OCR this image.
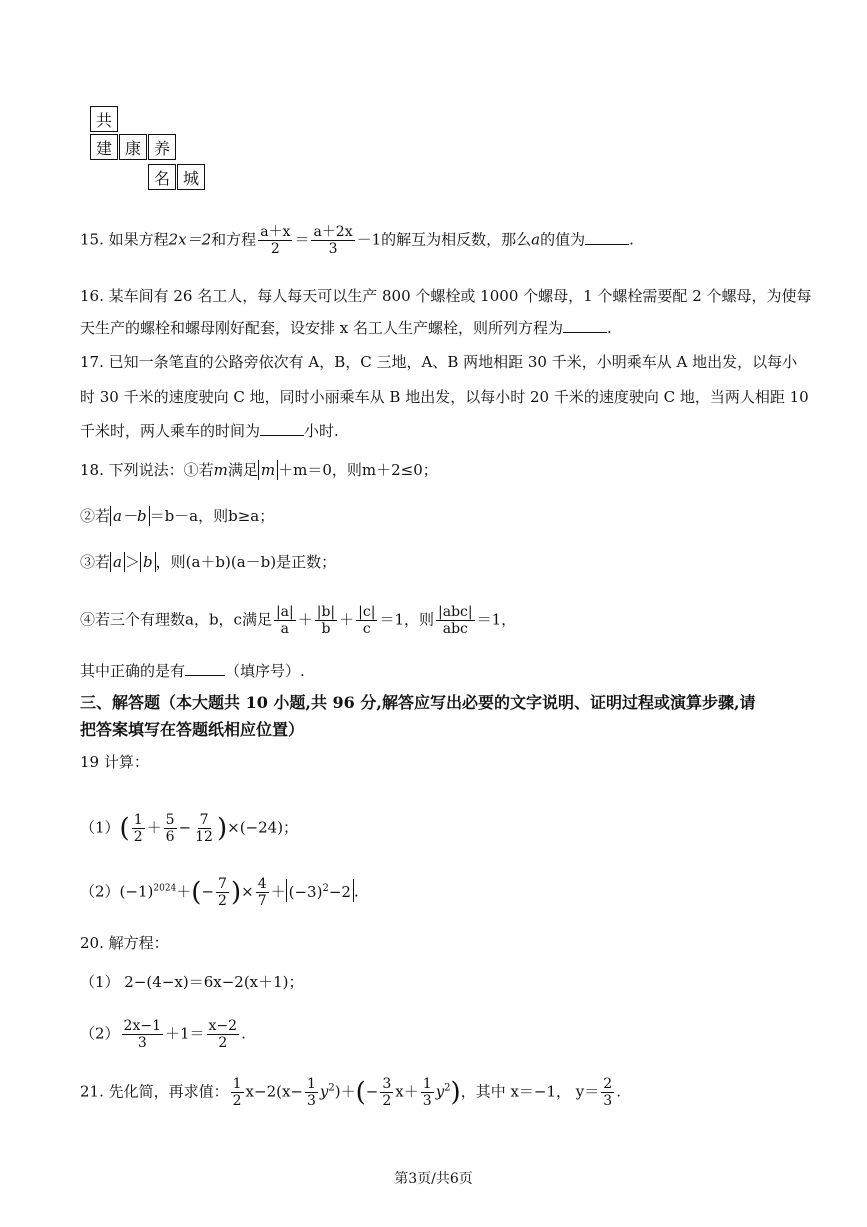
共
建 康 养
名 城
15. 如果方程2x＝2和方程 $\frac{a+x}{2} = \frac{a+2x}{3} -1$的解互为相反数，那么a的值为	.
16. 某车间有 26 名工人，每人每天可以生产 800 个螺栓或 1000 个螺母，1 个螺栓需要配 2 个螺母，为使每
天生产的螺栓和螺母刚好配套，设安排 x 名工人生产螺栓，则所列方程为	.
17. 已知一条笔直的公路旁依次有 A，B，C 三地，A、B 两地相距 30 千米，小明乘车从 A 地出发，以每小
时 30 千米的速度驶向 C 地，同时小丽乘车从 B 地出发，以每小时 20 千米的速度驶向 C 地，当两人相距 10
千米时，两人乘车的时间为	小时.
18. 下列说法：①若m满足 m ＋m＝0，则m＋2≤0；
②若 a－b ＝b－a，则b≥a；
③若 a ＞ b ，则(a＋b)(a－b)是正数；
④若三个有理数a，b，c满足 $\frac{|a|}{a} + \frac{|b|}{b} + \frac{|c|}{c} =1$，则 $\frac{\text{|abc|}}{\text{abc}} =1$，
其中正确的是有	（填序号）.
三、解答题（本大题共 10 小题,共 96 分,解答应写出必要的文字说明、证明过程或演算步骤,请
把答案填写在答题纸相应位置）
19 计算：
$(1)( \frac{1}{2} + \frac{5}{6} - \frac{7}{12} )\times(-24)$；
$(2)(-1)^{2024}+(- \frac{7}{2}$ )× $\frac{4}{7} + (-3)^2-2$ .
20. 解方程：
（1） 2−(4−x)＝6x−2(x＋1)；
$(2) \frac{2x-1}{3} +1= \frac{x-2}{2}$ .
21. 先化简，再求值： $\frac{1}{2} x-2(x- \frac{1}{3} y^2)+(- \frac{3}{2} x+ \frac{1}{3} y^2)$，其中 x＝−1， $y= \frac{2}{3}$ .
第3页/共6页
